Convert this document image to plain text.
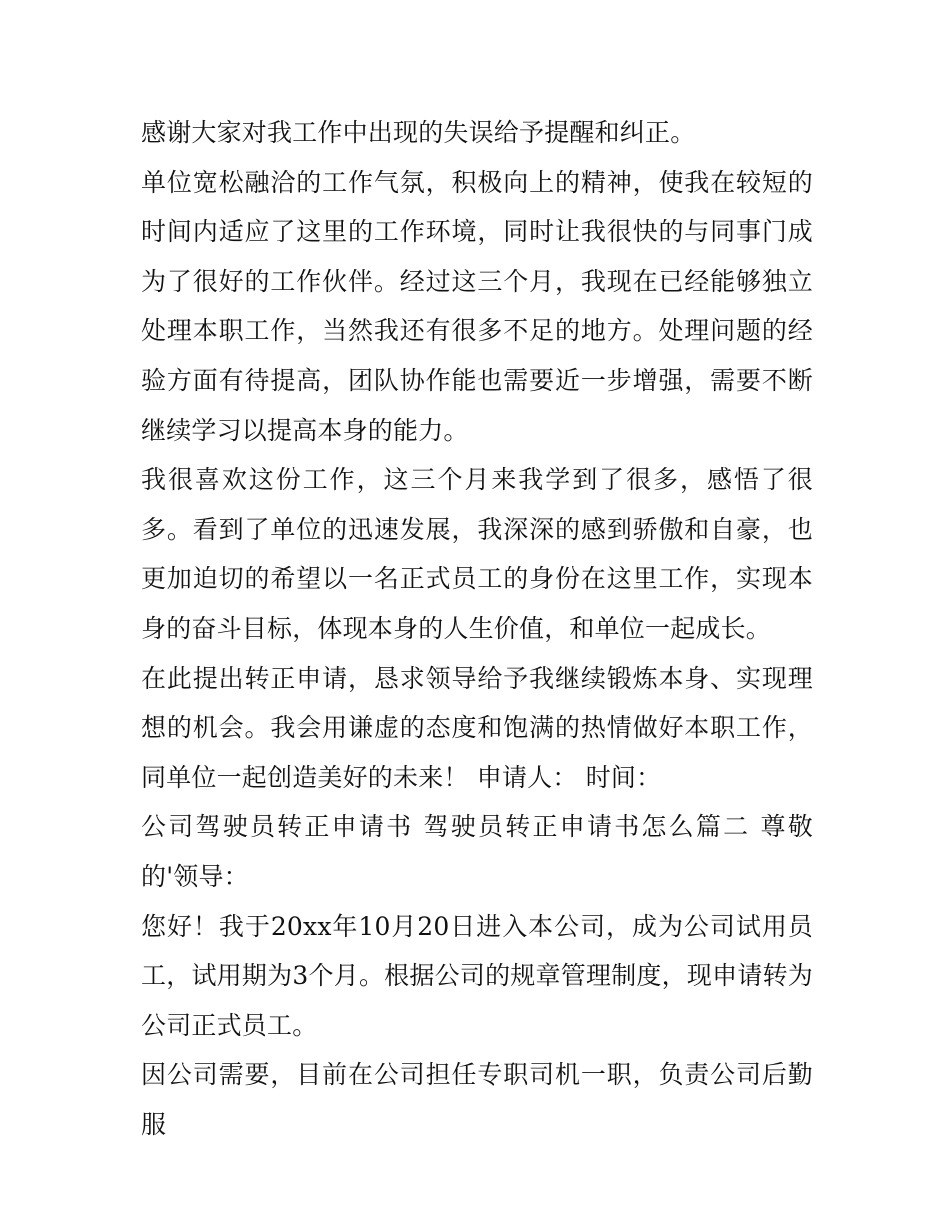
感谢大家对我工作中出现的失误给予提醒和纠正。

单位宽松融洽的工作气氛，积极向上的精神，使我在较短的时间内适应了这里的工作环境，同时让我很快的与同事门成为了很好的工作伙伴。经过这三个月，我现在已经能够独立处理本职工作，当然我还有很多不足的地方。处理问题的经验方面有待提高，团队协作能也需要近一步增强，需要不断继续学习以提高本身的能力。

我很喜欢这份工作，这三个月来我学到了很多，感悟了很多。看到了单位的迅速发展，我深深的感到骄傲和自豪，也更加迫切的希望以一名正式员工的身份在这里工作，实现本身的奋斗目标，体现本身的人生价值，和单位一起成长。

在此提出转正申请，恳求领导给予我继续锻炼本身、实现理想的机会。我会用谦虚的态度和饱满的热情做好本职工作，同单位一起创造美好的未来！ 申请人： 时间：

公司驾驶员转正申请书 驾驶员转正申请书怎么篇二 尊敬的'领导：

您好！我于20xx年10月20日进入本公司，成为公司试用员工，试用期为3个月。根据公司的规章管理制度，现申请转为公司正式员工。

因公司需要，目前在公司担任专职司机一职，负责公司后勤服
